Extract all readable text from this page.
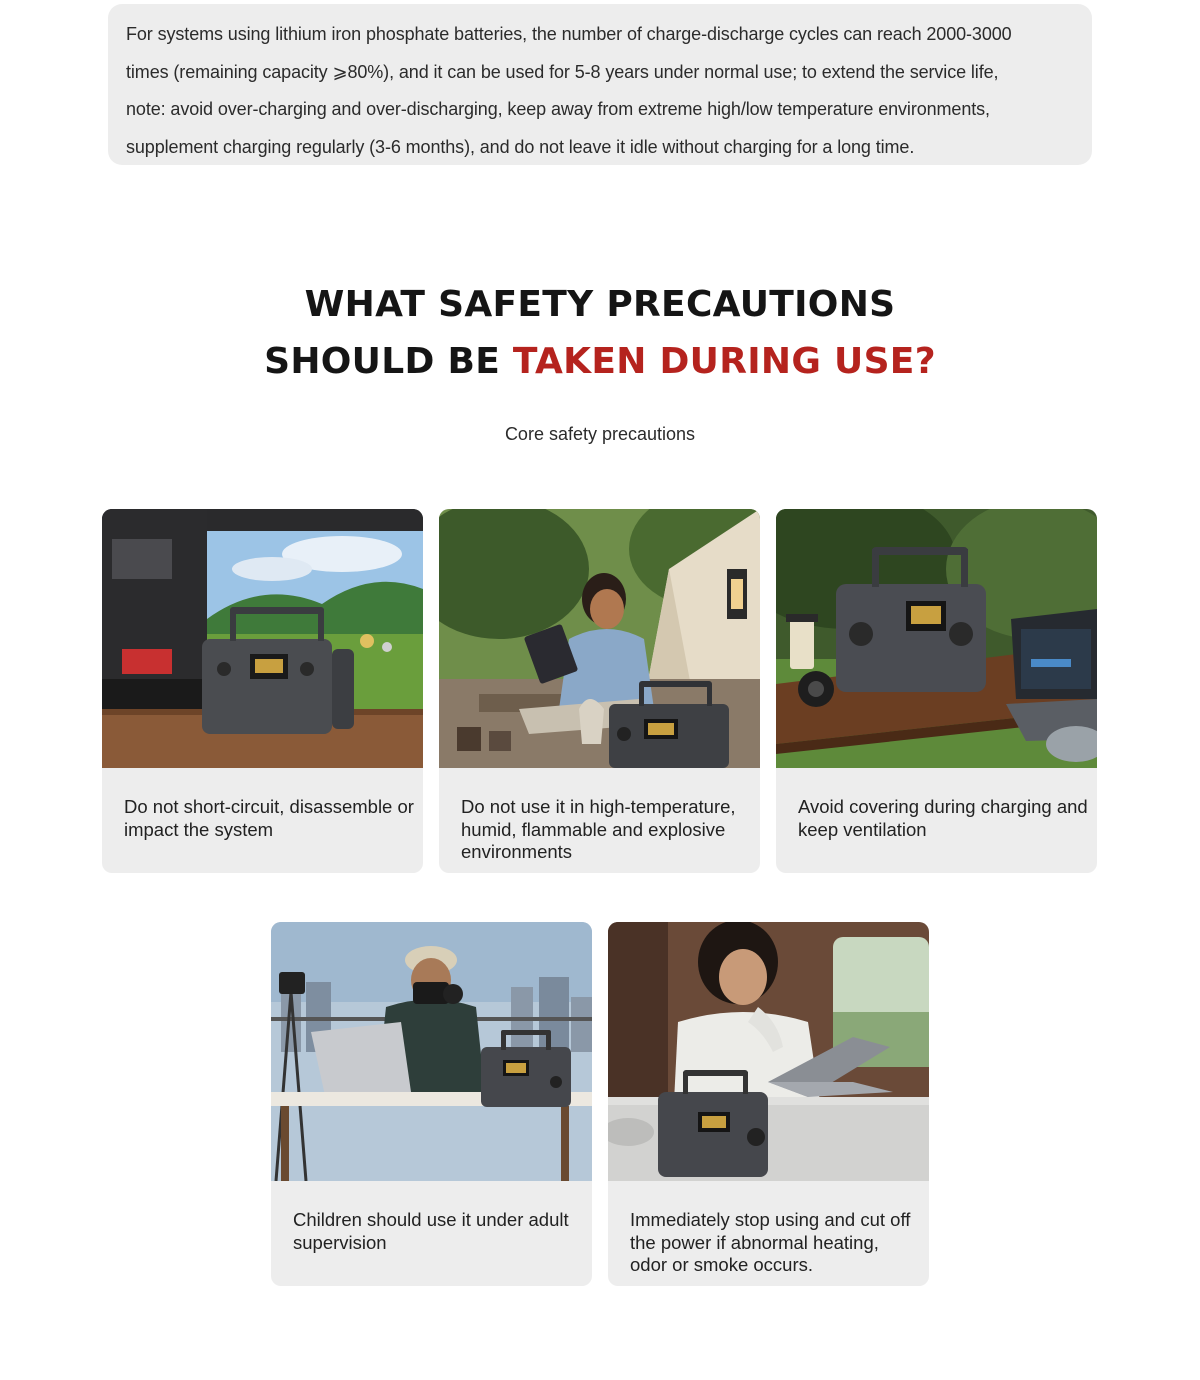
For systems using lithium iron phosphate batteries, the number of charge-discharge cycles can reach 2000-3000
times (remaining capacity ⩾80%), and it can be used for 5-8 years under normal use; to extend the service life,
note: avoid over-charging and over-discharging, keep away from extreme high/low temperature environments,
supplement charging regularly (3-6 months), and do not leave it idle without charging for a long time.
WHAT SAFETY PRECAUTIONS
SHOULD BE TAKEN DURING USE?
Core safety precautions
Do not short-circuit, disassemble or impact the system
Do not use it in high-temperature, humid, flammable and explosive environments
Avoid covering during charging and keep ventilation
Children should use it under adult supervision
Immediately stop using and cut off the power if abnormal heating, odor or smoke occurs.
